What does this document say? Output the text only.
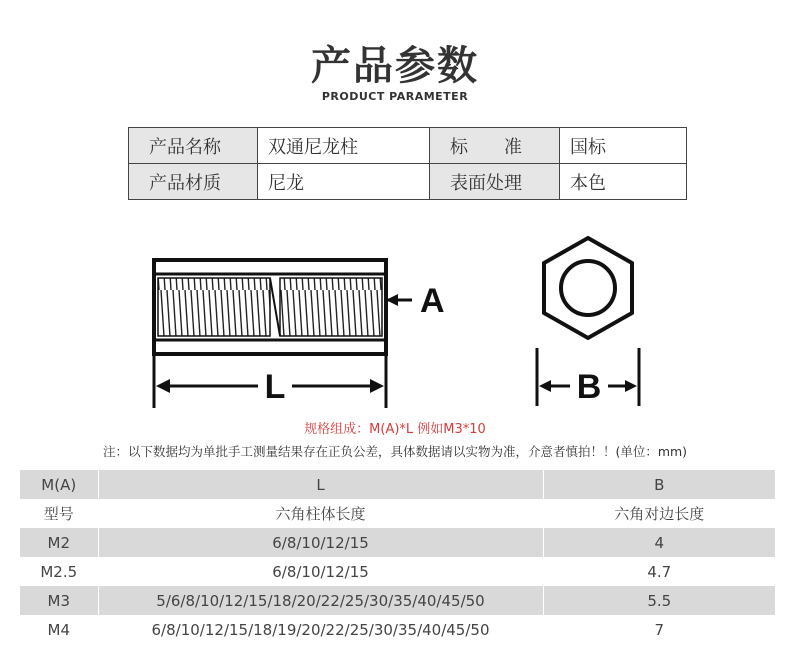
产品参数
PRODUCT PARAMETER
产品名称	双通尼龙柱	标　　准	国标
产品材质	尼龙	表面处理	本色
L
A
B
规格组成：M(A)*L 例如M3*10
注：以下数据均为单批手工测量结果存在正负公差，具体数据请以实物为准，介意者慎拍！！(单位：mm)
M(A)	L	B
型号	六角柱体长度	六角对边长度
M2	6/8/10/12/15	4
M2.5	6/8/10/12/15	4.7
M3	5/6/8/10/12/15/18/20/22/25/30/35/40/45/50	5.5
M4	6/8/10/12/15/18/19/20/22/25/30/35/40/45/50	7
